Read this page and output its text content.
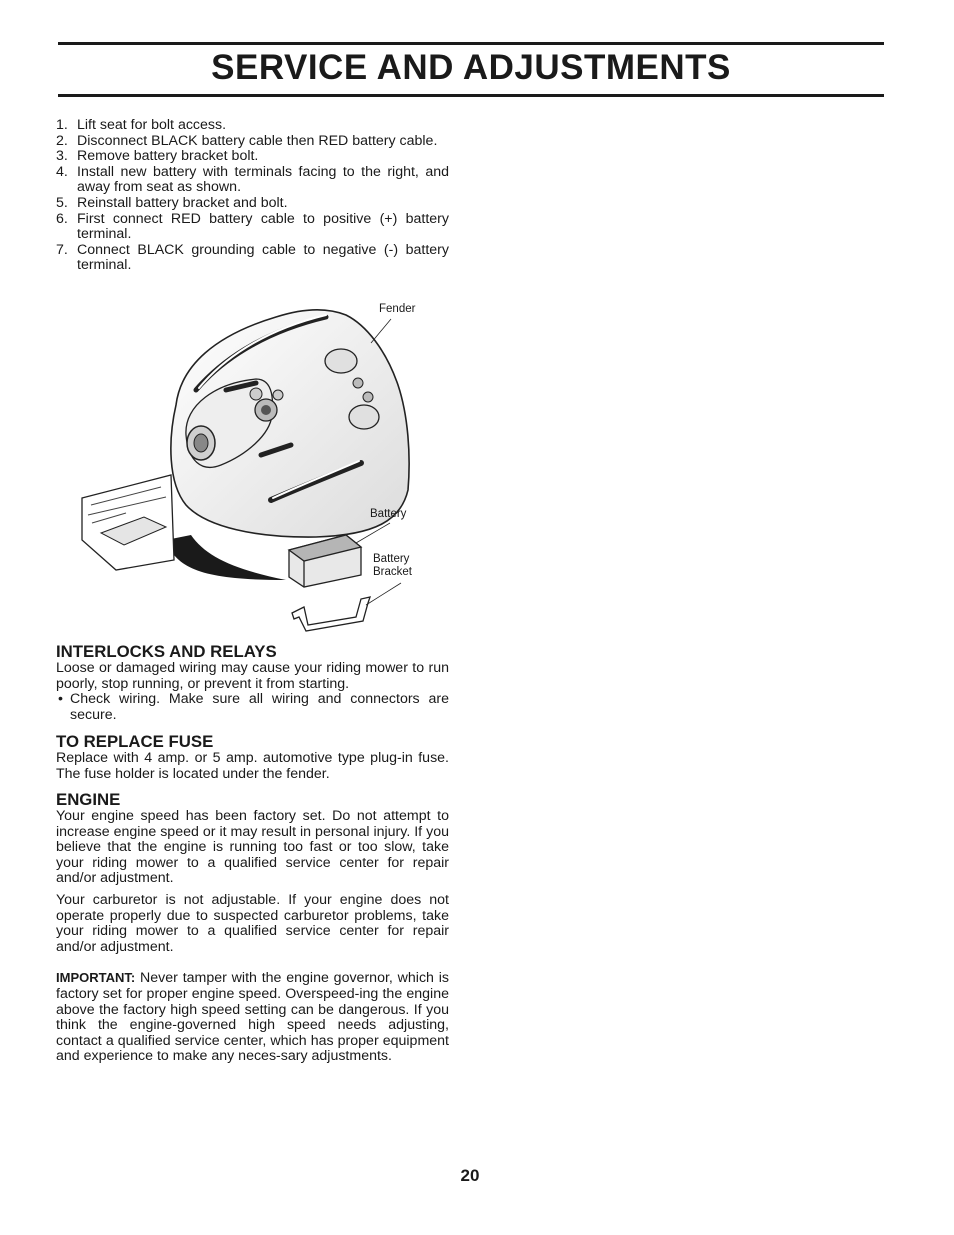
SERVICE AND ADJUSTMENTS
1. Lift seat for bolt access.
2. Disconnect BLACK battery cable then RED battery cable.
3. Remove battery bracket bolt.
4. Install new battery with terminals facing to the right, and away from seat as shown.
5. Reinstall battery bracket and bolt.
6. First connect RED battery cable to positive (+) battery terminal.
7. Connect BLACK grounding cable to negative (-) battery terminal.
Fender
Battery
Battery
Bracket
INTERLOCKS AND RELAYS

Loose or damaged wiring may cause your riding mower to run poorly, stop running, or prevent it from starting.

• Check wiring. Make sure all wiring and connectors are secure.
TO REPLACE FUSE

Replace with 4 amp. or 5 amp. automotive type plug-in fuse. The fuse holder is located under the fender.

ENGINE

Your engine speed has been factory set. Do not attempt to increase engine speed or it may result in personal injury. If you believe that the engine is running too fast or too slow, take your riding mower to a qualified service center for repair and/or adjustment.

Your carburetor is not adjustable. If your engine does not operate properly due to suspected carburetor problems, take your riding mower to a qualified service center for repair and/or adjustment.

IMPORTANT: Never tamper with the engine governor, which is factory set for proper engine speed. Overspeed-ing the engine above the factory high speed setting can be dangerous. If you think the engine-governed high speed needs adjusting, contact a qualified service center, which has proper equipment and experience to make any neces-sary adjustments.

20
